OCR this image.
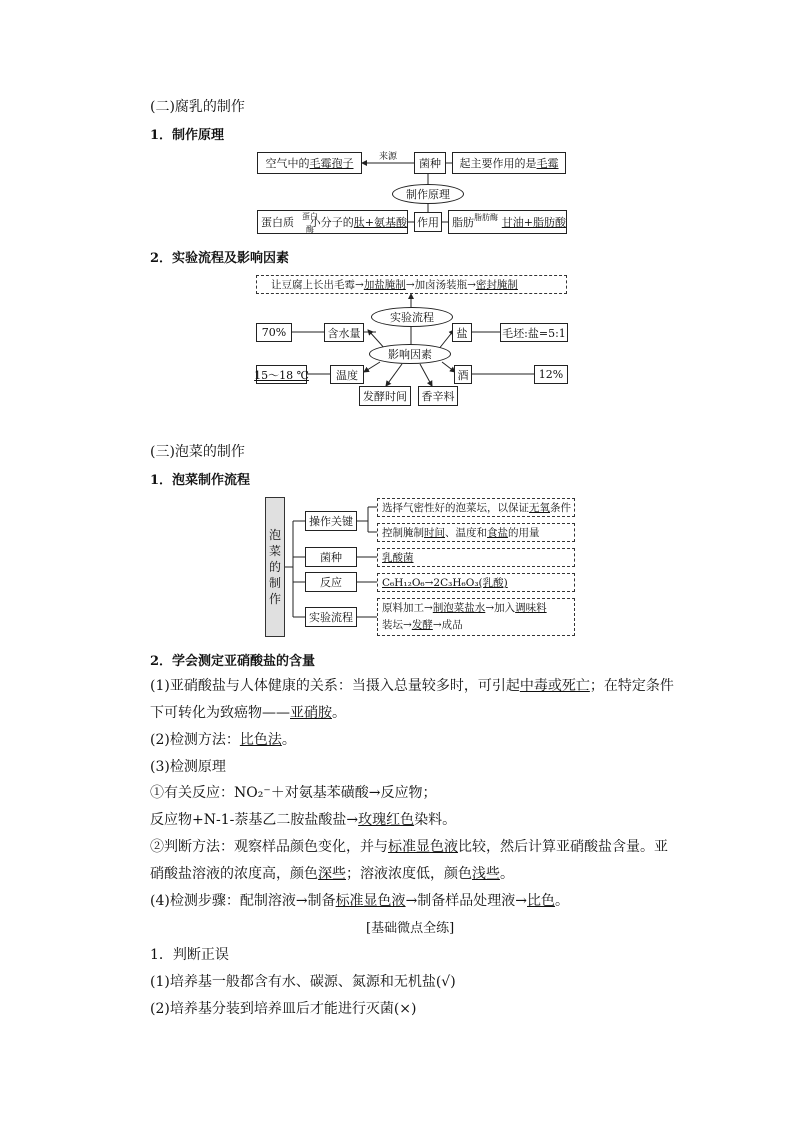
(二)腐乳的制作
1．制作原理
空气中的 毛霉孢子	来源	菌种	起主要作用的是 毛霉
制作原理
蛋白质 蛋白
酶
小分子的 肽+氨基酸 作用 脂肪 脂肪酶 甘油+脂肪酸
2．实验流程及影响因素
让豆腐上长出毛霉→ 加盐腌制 →加卤汤装瓶→ 密封腌制
实验流程
70%	含水量	盐	毛坯:盐=5:1
影响因素
15～18 ℃	温度	酒	12%
发酵时间	香辛料
(三)泡菜的制作
1．泡菜制作流程
泡
菜
的
制
作
操作关键
选择气密性好的泡菜坛，以保证 无氧 条件
控制腌制 时间 、温度和 食盐 的用量
菌种	乳酸菌
反应	C₆H₁₂O₆→2C₃H₆O₃(乳酸)
实验流程
原料加工→制泡菜盐水→加入调味料
装坛→发酵→成品
2．学会测定亚硝酸盐的含量
(1)亚硝酸盐与人体健康的关系：当摄入总量较多时，可引起中毒或死亡；在特定条件
下可转化为致癌物——亚硝胺。
(2)检测方法：比色法。
(3)检测原理
①有关反应：NO₂⁻＋对氨基苯磺酸→反应物；
反应物+N-1-萘基乙二胺盐酸盐→玫瑰红色染料。
②判断方法：观察样品颜色变化，并与标准显色液比较，然后计算亚硝酸盐含量。亚
硝酸盐溶液的浓度高，颜色深些；溶液浓度低，颜色浅些。
(4)检测步骤：配制溶液→制备标准显色液→制备样品处理液→比色。
[基础微点全练]
1．判断正误
(1)培养基一般都含有水、碳源、氮源和无机盐(√)
(2)培养基分装到培养皿后才能进行灭菌(×)
